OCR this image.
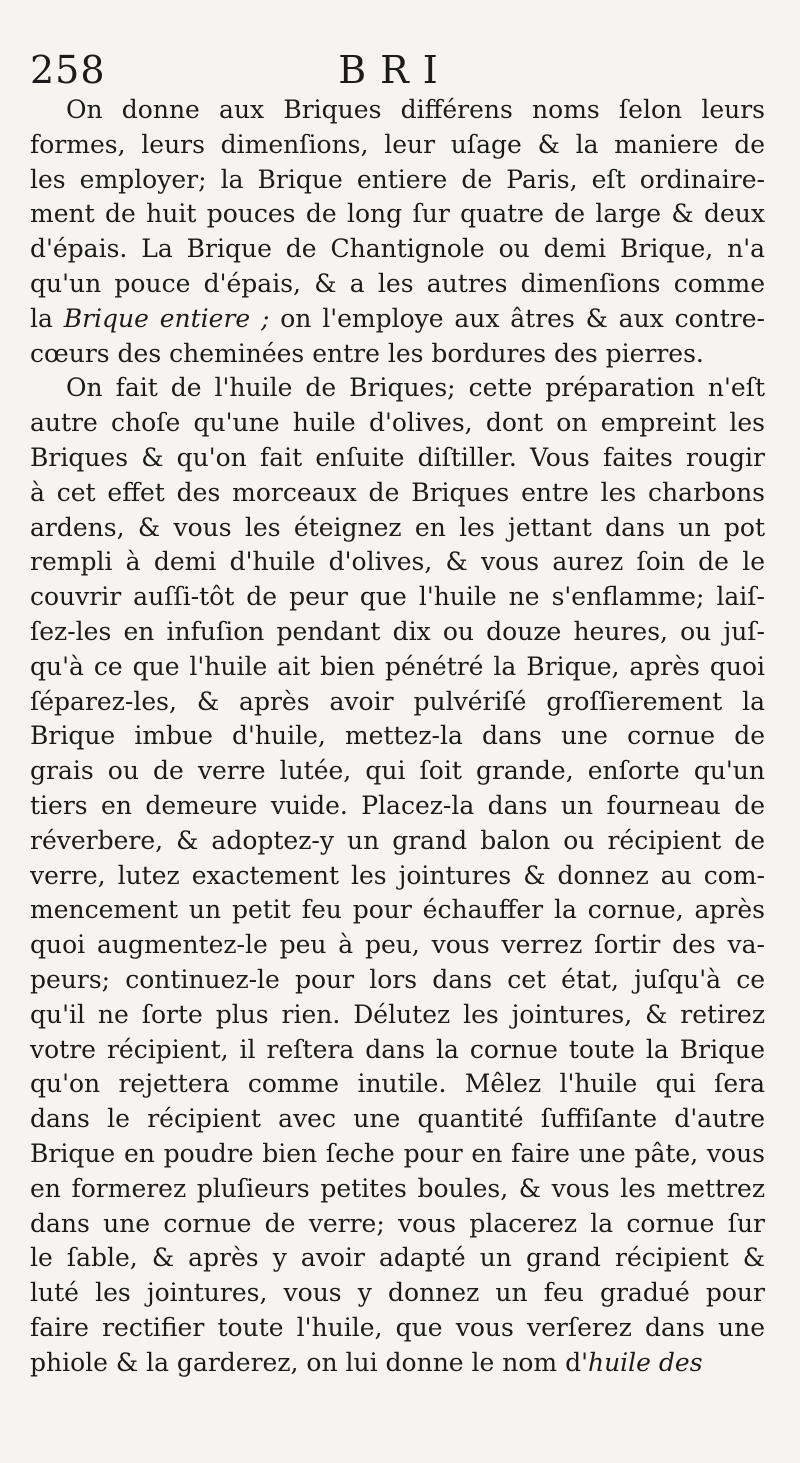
258	BRI
On donne aux Briques différens noms ſelon leurs
formes, leurs dimenſions, leur uſage & la maniere de
les employer; la Brique entiere de Paris, eſt ordinaire-
ment de huit pouces de long ſur quatre de large & deux
d'épais. La Brique de Chantignole ou demi Brique, n'a
qu'un pouce d'épais, & a les autres dimenſions comme
la Brique entiere ; on l'employe aux âtres & aux contre-
cœurs des cheminées entre les bordures des pierres.
On fait de l'huile de Briques; cette préparation n'eſt
autre choſe qu'une huile d'olives, dont on empreint les
Briques & qu'on fait enſuite diſtiller. Vous faites rougir
à cet effet des morceaux de Briques entre les charbons
ardens, & vous les éteignez en les jettant dans un pot
rempli à demi d'huile d'olives, & vous aurez ſoin de le
couvrir auſſi-tôt de peur que l'huile ne s'enflamme; laiſ-
ſez-les en infuſion pendant dix ou douze heures, ou juſ-
qu'à ce que l'huile ait bien pénétré la Brique, après quoi
ſéparez-les, & après avoir pulvériſé groſſierement la
Brique imbue d'huile, mettez-la dans une cornue de
grais ou de verre lutée, qui ſoit grande, enſorte qu'un
tiers en demeure vuide. Placez-la dans un fourneau de
réverbere, & adoptez-y un grand balon ou récipient de
verre, lutez exactement les jointures & donnez au com-
mencement un petit feu pour échauffer la cornue, après
quoi augmentez-le peu à peu, vous verrez ſortir des va-
peurs; continuez-le pour lors dans cet état, juſqu'à ce
qu'il ne ſorte plus rien. Délutez les jointures, & retirez
votre récipient, il reſtera dans la cornue toute la Brique
qu'on rejettera comme inutile. Mêlez l'huile qui ſera
dans le récipient avec une quantité ſuffiſante d'autre
Brique en poudre bien ſeche pour en faire une pâte, vous
en formerez pluſieurs petites boules, & vous les mettrez
dans une cornue de verre; vous placerez la cornue ſur
le ſable, & après y avoir adapté un grand récipient &
luté les jointures, vous y donnez un feu gradué pour
faire rectifier toute l'huile, que vous verſerez dans une
phiole & la garderez, on lui donne le nom d'huile des
